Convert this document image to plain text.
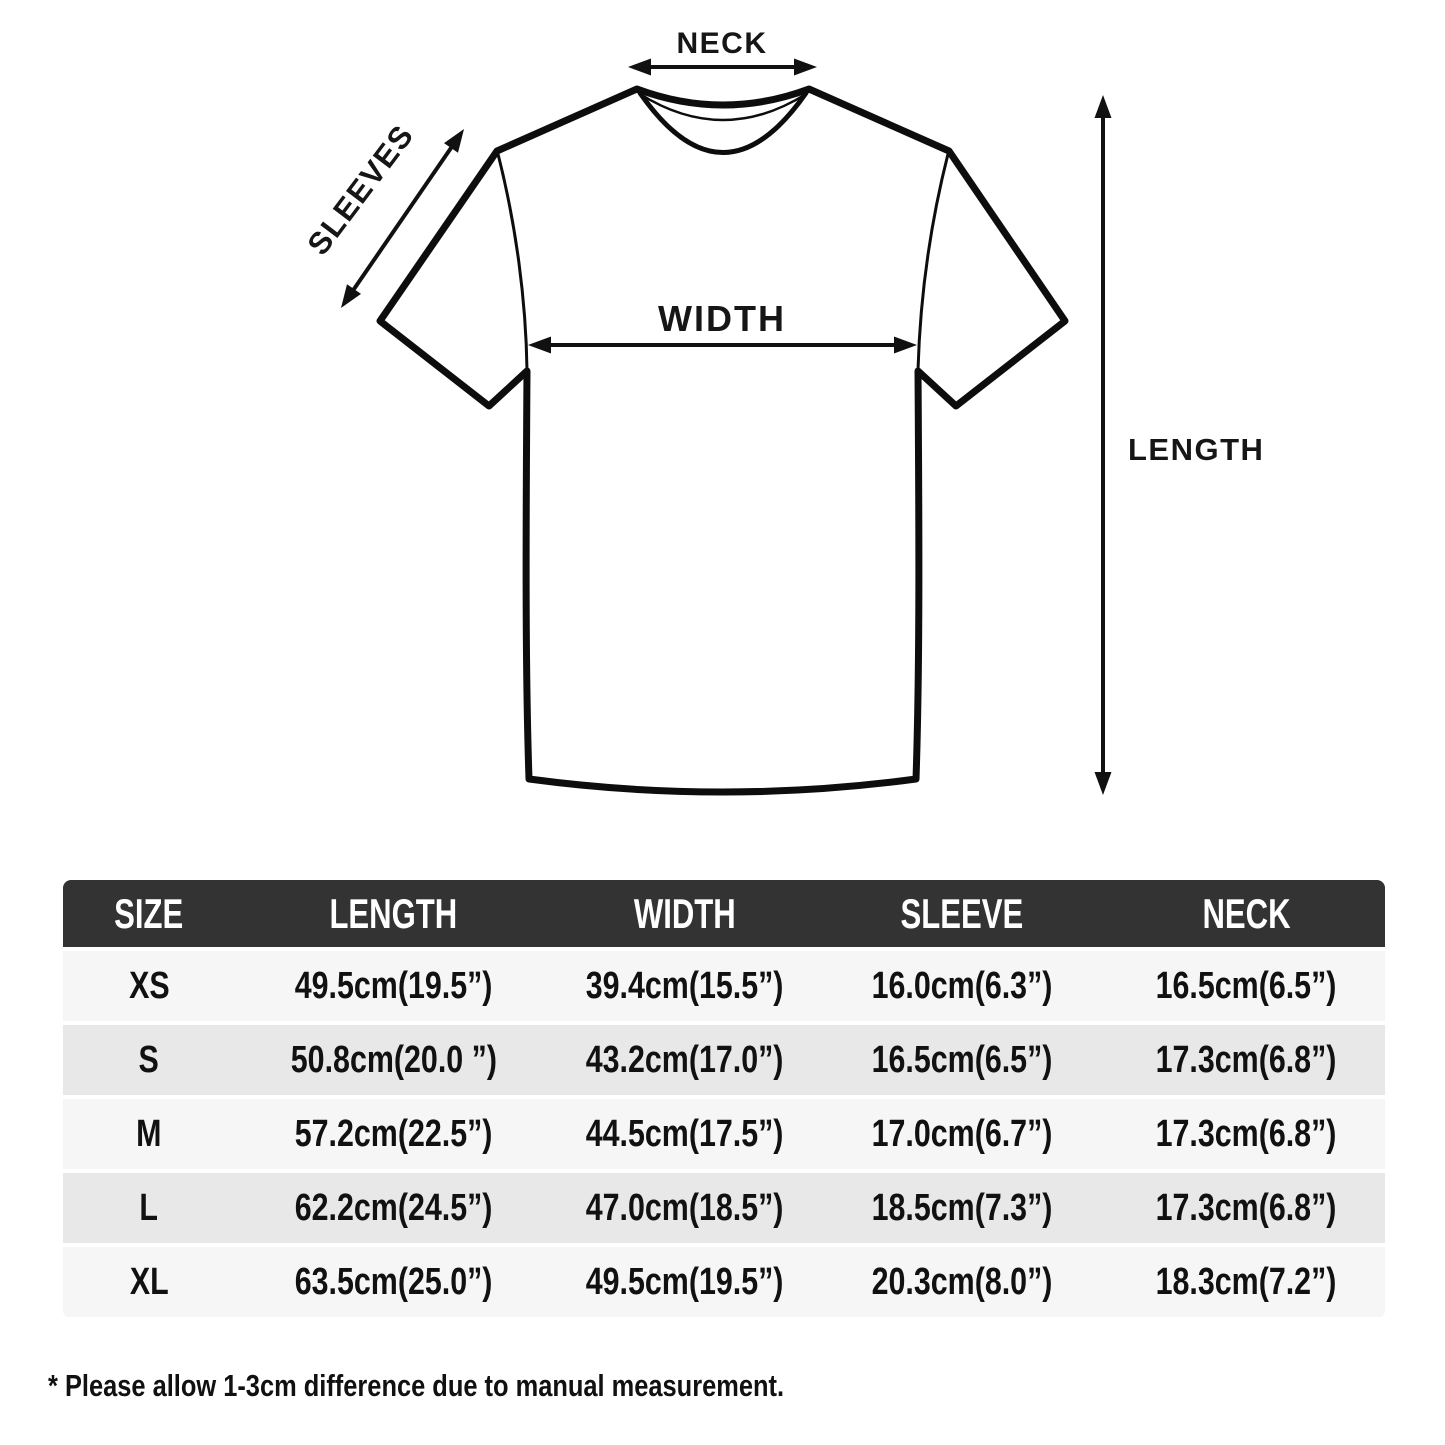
NECK
SLEEVES
WIDTH
LENGTH
SIZE	LENGTH	WIDTH	SLEEVE	NECK
XS	49.5cm(19.5”)	39.4cm(15.5”)	16.0cm(6.3”)	16.5cm(6.5”)
S	50.8cm(20.0 ”)	43.2cm(17.0”)	16.5cm(6.5”)	17.3cm(6.8”)
M	57.2cm(22.5”)	44.5cm(17.5”)	17.0cm(6.7”)	17.3cm(6.8”)
L	62.2cm(24.5”)	47.0cm(18.5”)	18.5cm(7.3”)	17.3cm(6.8”)
XL	63.5cm(25.0”)	49.5cm(19.5”)	20.3cm(8.0”)	18.3cm(7.2”)
* Please allow 1-3cm difference due to manual measurement.
